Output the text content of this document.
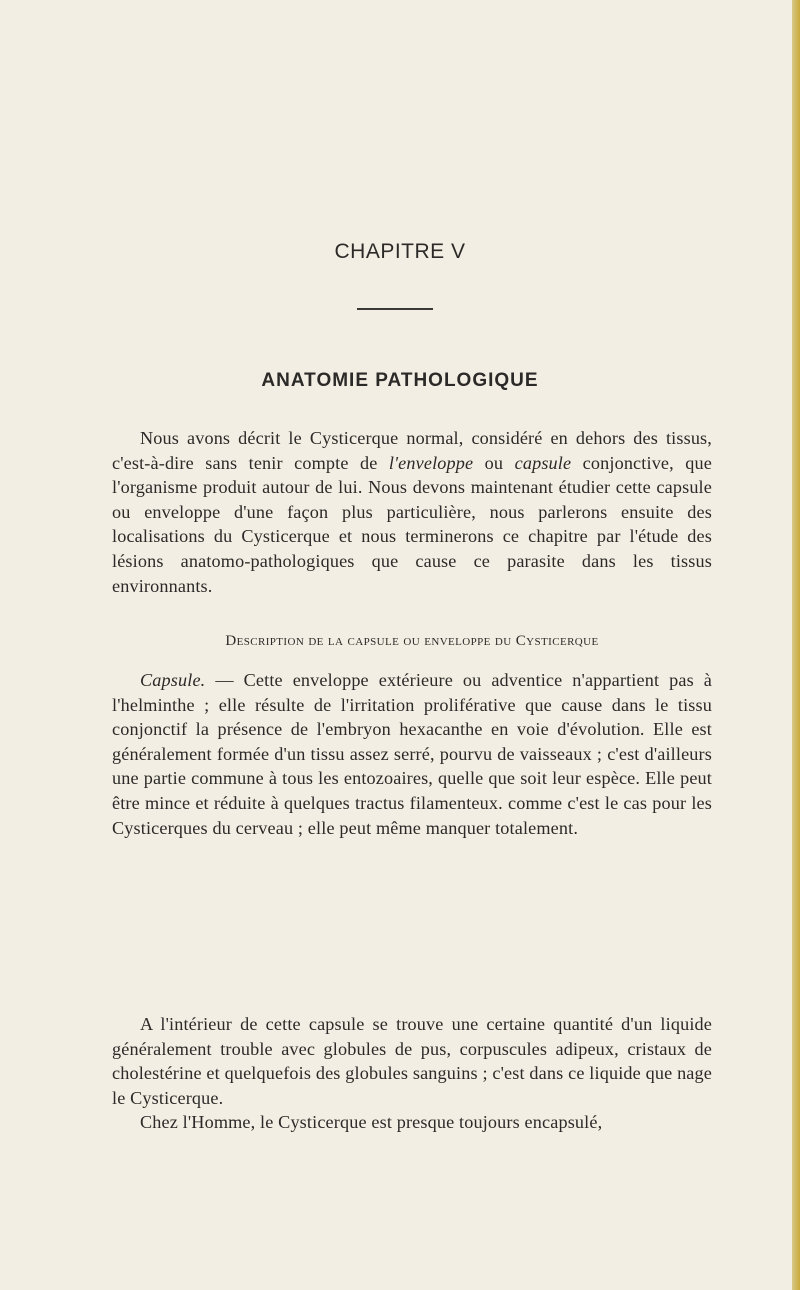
CHAPITRE V
ANATOMIE PATHOLOGIQUE
Nous avons décrit le Cysticerque normal, considéré en dehors des tissus, c'est-à-dire sans tenir compte de l'enveloppe ou capsule conjonctive, que l'organisme produit autour de lui. Nous devons maintenant étudier cette capsule ou enveloppe d'une façon plus particulière, nous parlerons ensuite des localisations du Cysticerque et nous terminerons ce chapitre par l'étude des lésions anatomo-pathologiques que cause ce parasite dans les tissus environnants.
Description de la capsule ou enveloppe du Cysticerque
Capsule. — Cette enveloppe extérieure ou adventice n'appartient pas à l'helminthe ; elle résulte de l'irritation proliférative que cause dans le tissu conjonctif la présence de l'embryon hexacanthe en voie d'évolution. Elle est généralement formée d'un tissu assez serré, pourvu de vaisseaux ; c'est d'ailleurs une partie commune à tous les entozoaires, quelle que soit leur espèce. Elle peut être mince et réduite à quelques tractus filamenteux. comme c'est le cas pour les Cysticerques du cerveau ; elle peut même manquer totalement.
A l'intérieur de cette capsule se trouve une certaine quantité d'un liquide généralement trouble avec globules de pus, corpuscules adipeux, cristaux de cholestérine et quelquefois des globules sanguins ; c'est dans ce liquide que nage le Cysticerque.
Chez l'Homme, le Cysticerque est presque toujours encapsulé,
